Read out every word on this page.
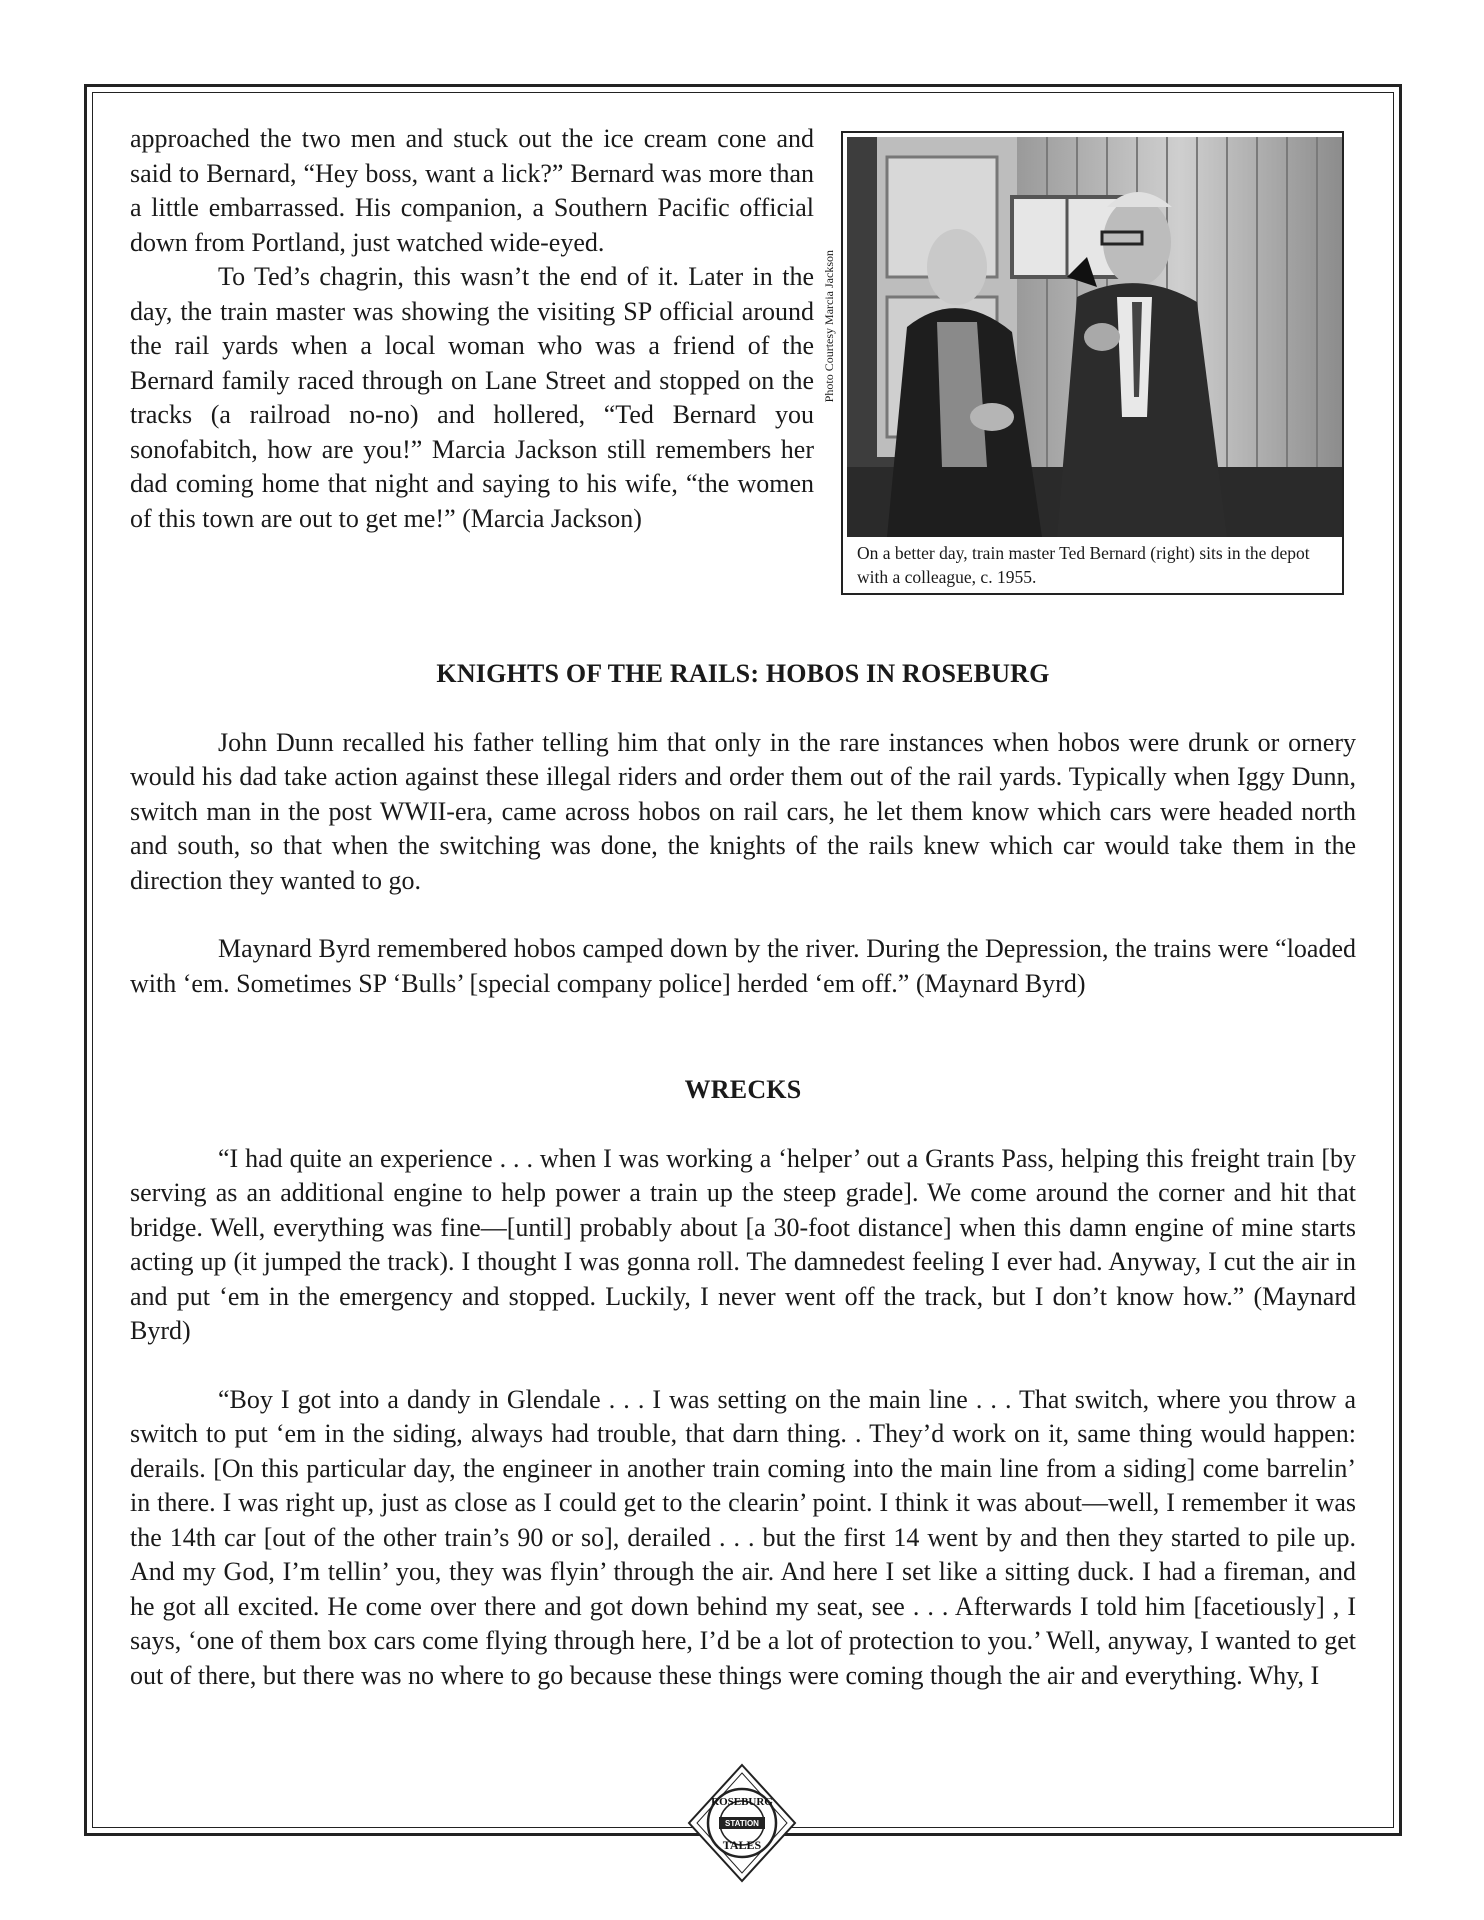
approached the two men and stuck out the ice cream cone and said to Bernard, “Hey boss, want a lick?” Bernard was more than a little embarrassed. His companion, a Southern Pacific official down from Portland, just watched wide-eyed.

To Ted’s chagrin, this wasn’t the end of it. Later in the day, the train master was showing the visiting SP official around the rail yards when a local woman who was a friend of the Bernard family raced through on Lane Street and stopped on the tracks (a railroad no-no) and hollered, “Ted Bernard you sonofabitch, how are you!” Marcia Jackson still remembers her dad coming home that night and saying to his wife, “the women of this town are out to get me!” (Marcia Jackson)

Photo Courtesy Marcia Jackson
On a better day, train master Ted Bernard (right) sits in the depot with a colleague, c. 1955.
KNIGHTS OF THE RAILS: HOBOS IN ROSEBURG

John Dunn recalled his father telling him that only in the rare instances when hobos were drunk or ornery would his dad take action against these illegal riders and order them out of the rail yards. Typically when Iggy Dunn, switch man in the post WWII-era, came across hobos on rail cars, he let them know which cars were headed north and south, so that when the switching was done, the knights of the rails knew which car would take them in the direction they wanted to go.

Maynard Byrd remembered hobos camped down by the river. During the Depression, the trains were “loaded with ‘em. Sometimes SP ‘Bulls’ [special company police] herded ‘em off.” (Maynard Byrd)

WRECKS

“I had quite an experience . . . when I was working a ‘helper’ out a Grants Pass, helping this freight train [by serving as an additional engine to help power a train up the steep grade]. We come around the corner and hit that bridge. Well, everything was fine—[until] probably about [a 30-foot distance] when this damn engine of mine starts acting up (it jumped the track). I thought I was gonna roll. The damnedest feeling I ever had. Anyway, I cut the air in and put ‘em in the emergency and stopped. Luckily, I never went off the track, but I don’t know how.” (Maynard Byrd)

“Boy I got into a dandy in Glendale . . . I was setting on the main line . . . That switch, where you throw a switch to put ‘em in the siding, always had trouble, that darn thing. . They’d work on it, same thing would happen: derails. [On this particular day, the engineer in another train coming into the main line from a siding] come barrelin’ in there. I was right up, just as close as I could get to the clearin’ point. I think it was about—well, I remember it was the 14th car [out of the other train’s 90 or so], derailed . . . but the first 14 went by and then they started to pile up. And my God, I’m tellin’ you, they was flyin’ through the air. And here I set like a sitting duck. I had a fireman, and he got all excited. He come over there and got down behind my seat, see . . . Afterwards I told him [facetiously] , I says, ‘one of them box cars come flying through here, I’d be a lot of protection to you.’ Well, anyway, I wanted to get out of there, but there was no where to go because these things were coming though the air and everything. Why, I

ROSEBURG
STATION
TALES
